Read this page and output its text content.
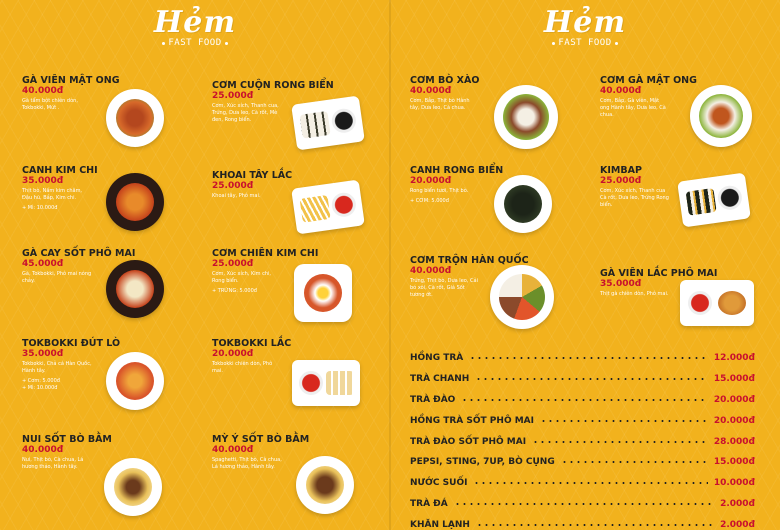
Hẻm
FAST FOOD
GÀ VIÊN MẬT ONG
40.000đ
Gà tẩm bột chiên dòn, Tokbokki, Mứt .
CANH KIM CHI
35.000đ
Thịt bò, Nấm kim châm, Đậu hũ, Bắp, Kim chi.
+ Mì: 10.000đ
GÀ CAY SỐT PHÔ MAI
45.000đ
Gà, Tokbokki, Phô mai nóng chảy.
TOKBOKKI ĐÚT LÒ
35.000đ
Tokbokki, Chả cá Hàn Quốc, Hành tây.
+ Cơm: 5.000đ
+ Mì: 10.000đ
NUI SỐT BÒ BẰM
40.000đ
Nui, Thịt bò, Cà chua, Lá hương thảo, Hành tây.
CƠM CUỘN RONG BIỂN
25.000đ
Cơm, Xúc xích, Thanh cua, Trứng, Dưa leo, Cà rốt, Mè đen, Rong biển.
KHOAI TÂY LẮC
25.000đ
Khoai tây, Phô mai.
CƠM CHIÊN KIM CHI
25.000đ
Cơm, Xúc xích, Kim chi, Rong biển.
+ TRỨNG: 5.000đ
TOKBOKKI LẮC
20.000đ
Tokbokki chiên dòn, Phô mai.
MỲ Ý SỐT BÒ BẰM
40.000đ
Spaghetti, Thịt bò, Cà chua, Lá hương thảo, Hành tây.
Hẻm
FAST FOOD
CƠM BÒ XÀO
40.000đ
Cơm, Bắp, Thịt bò Hành tây, Dưa leo, Cà chua.
CANH RONG BIỂN
20.000đ
Rong biển tươi, Thịt bò.
+ CƠM: 5.000đ
CƠM TRỘN HÀN QUỐC
40.000đ
Trứng, Thịt bò, Dưa leo, Cải bó xôi, Cà rốt, Giá Sốt tương ớt.
CƠM GÀ MẬT ONG
40.000đ
Cơm, Bắp, Gà viên, Mật ong Hành tây, Dưa leo, Cà chua.
KIMBAP
25.000đ
Cơm, Xúc xích, Thanh cua Cà rốt, Dưa leo, Trứng Rong biển.
GÀ VIÊN LẮC PHÔ MAI
35.000đ
Thịt gà chiên dòn, Phô mai.
HỒNG TRÀ	12.000đ
TRÀ CHANH	15.000đ
TRÀ ĐÀO	20.000đ
HỒNG TRÀ SỐT PHÔ MAI	20.000đ
TRÀ ĐÀO SỐT PHÔ MAI	28.000đ
PEPSI, STING, 7UP, BÒ CỤNG	15.000đ
NƯỚC SUỐI	10.000đ
TRÀ ĐÁ	2.000đ
KHĂN LẠNH	2.000đ
